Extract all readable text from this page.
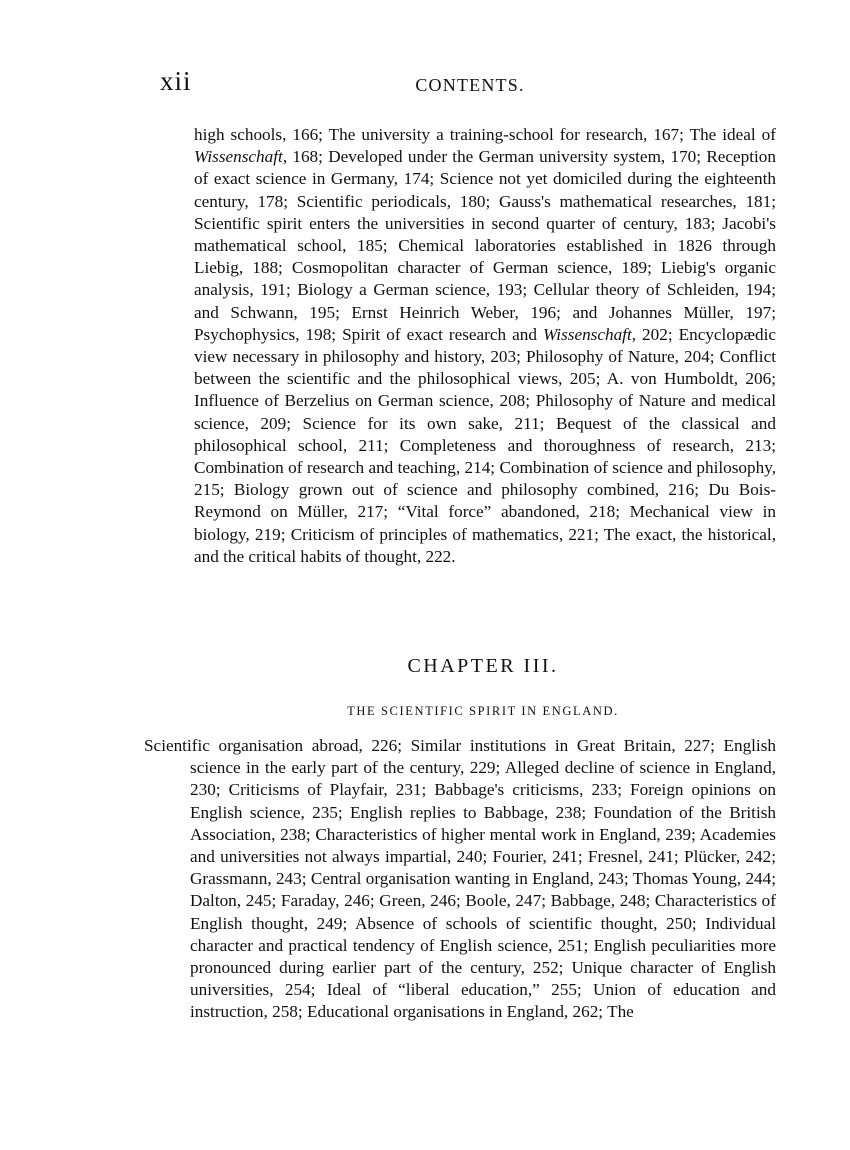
xii	CONTENTS.

high schools, 166; The university a training-school for research, 167; The ideal of Wissenschaft, 168; Developed under the German university system, 170; Reception of exact science in Germany, 174; Science not yet domiciled during the eighteenth century, 178; Scientific periodicals, 180; Gauss's mathematical researches, 181; Scientific spirit enters the universities in second quarter of century, 183; Jacobi's mathematical school, 185; Chemical laboratories established in 1826 through Liebig, 188; Cosmopolitan character of German science, 189; Liebig's organic analysis, 191; Biology a German science, 193; Cellular theory of Schleiden, 194; and Schwann, 195; Ernst Heinrich Weber, 196; and Johannes Müller, 197; Psychophysics, 198; Spirit of exact research and Wissenschaft, 202; Encyclopædic view necessary in philosophy and history, 203; Philosophy of Nature, 204; Conflict between the scientific and the philosophical views, 205; A. von Humboldt, 206; Influence of Berzelius on German science, 208; Philosophy of Nature and medical science, 209; Science for its own sake, 211; Bequest of the classical and philosophical school, 211; Completeness and thoroughness of research, 213; Combination of research and teaching, 214; Combination of science and philosophy, 215; Biology grown out of science and philosophy combined, 216; Du Bois-Reymond on Müller, 217; “Vital force” abandoned, 218; Mechanical view in biology, 219; Criticism of principles of mathematics, 221; The exact, the historical, and the critical habits of thought, 222.

CHAPTER III.
THE SCIENTIFIC SPIRIT IN ENGLAND.

Scientific organisation abroad, 226; Similar institutions in Great Britain, 227; English science in the early part of the century, 229; Alleged decline of science in England, 230; Criticisms of Playfair, 231; Babbage's criticisms, 233; Foreign opinions on English science, 235; English replies to Babbage, 238; Foundation of the British Association, 238; Characteristics of higher mental work in England, 239; Academies and universities not always impartial, 240; Fourier, 241; Fresnel, 241; Plücker, 242; Grassmann, 243; Central organisation wanting in England, 243; Thomas Young, 244; Dalton, 245; Faraday, 246; Green, 246; Boole, 247; Babbage, 248; Characteristics of English thought, 249; Absence of schools of scientific thought, 250; Individual character and practical tendency of English science, 251; English peculiarities more pronounced during earlier part of the century, 252; Unique character of English universities, 254; Ideal of “liberal education,” 255; Union of education and instruction, 258; Educational organisations in England, 262; The
